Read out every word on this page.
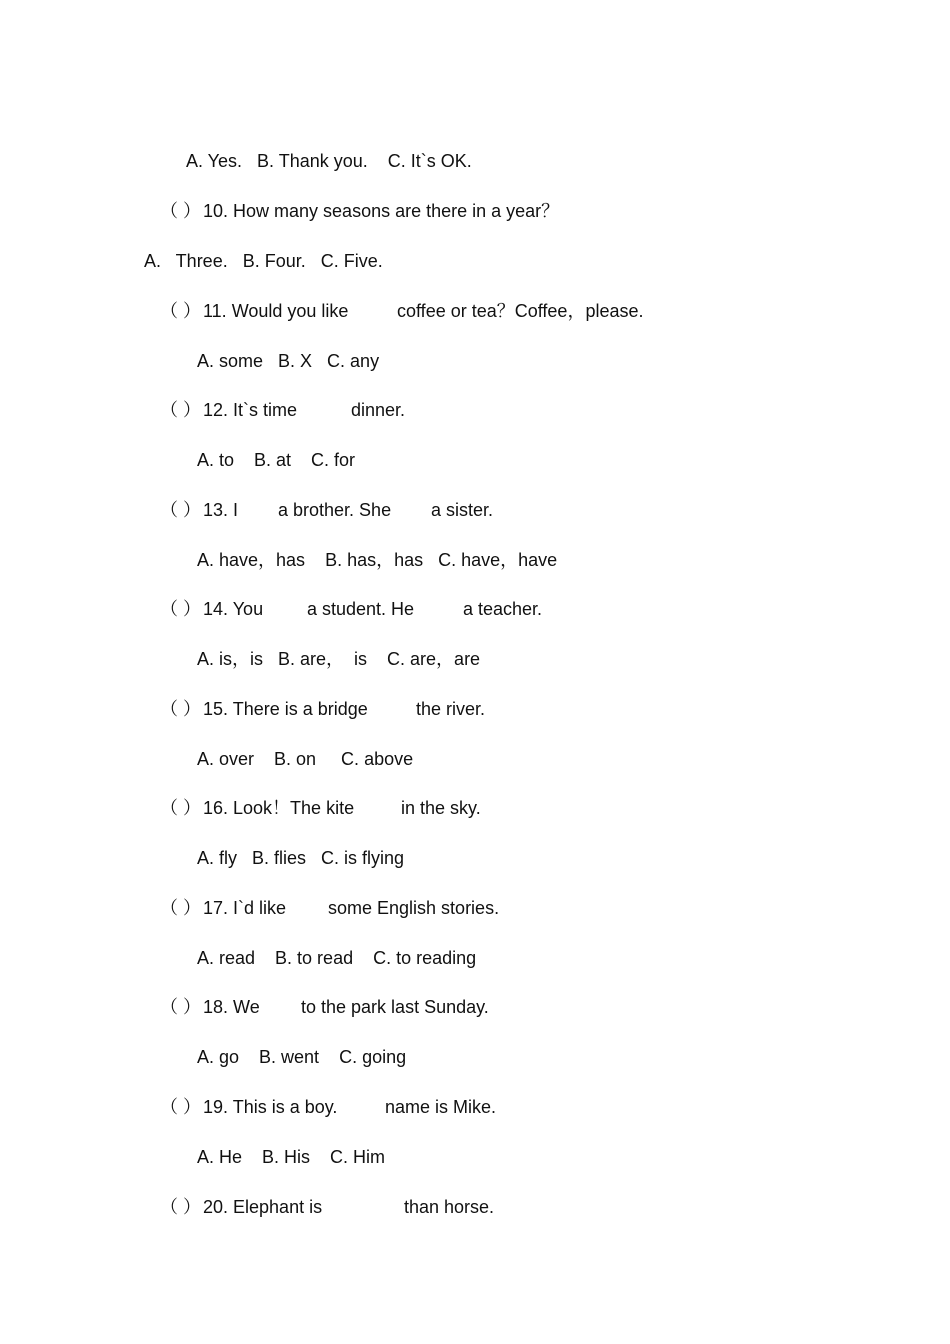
A. Yes.   B. Thank you.    C. It`s OK.

（ ）

10. How many seasons are there in a year？

A.   Three.   B. Four.   C. Five.

（ ）

11. Would you like

	coffee or tea？Coffee，please.

A. some   B. X   C. any

（ ）

12. It`s time

	dinner.

A. to    B. at    C. for

（ ）

13. I

a brother. She

a sister.

A. have，has    B. has，has   C. have，have

（ ）

14. You

a student. He

	a teacher.

A. is，is   B. are，  is    C. are，are

（ ）

15. There is a bridge

	the river.

A. over    B. on     C. above

（ ）

16. Look！The kite

	in the sky.

A. fly   B. flies   C. is flying

（ ）

17. I`d like

some English stories.

A. read    B. to read    C. to reading

（ ）

18. We

to the park last Sunday.

A. go    B. went    C. going

（ ）

19. This is a boy.

	name is Mike.

A. He    B. His    C. Him

（ ）

20. Elephant is

	than horse.
